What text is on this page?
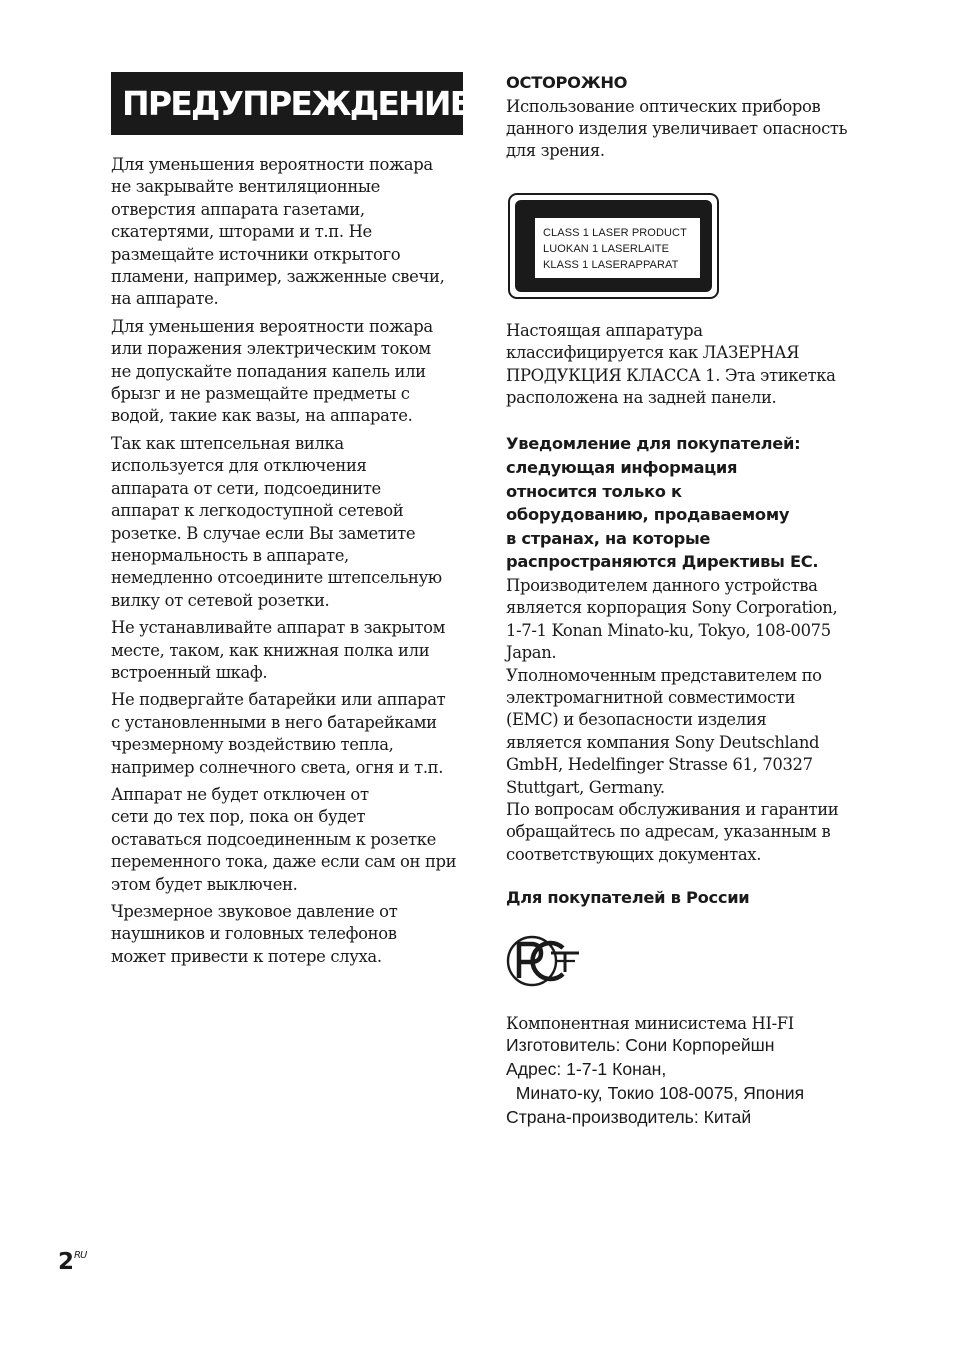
ПРЕДУПРЕЖДЕНИЕ

Для уменьшения вероятности пожара
не закрывайте вентиляционные
отверстия аппарата газетами,
скатертями, шторами и т.п. Не
размещайте источники открытого
пламени, например, зажженные свечи,
на аппарате.

Для уменьшения вероятности пожара
или поражения электрическим током
не допускайте попадания капель или
брызг и не размещайте предметы с
водой, такие как вазы, на аппарате.

Так как штепсельная вилка
используется для отключения
аппарата от сети, подсоедините
аппарат к легкодоступной сетевой
розетке. В случае если Вы заметите
ненормальность в аппарате,
немедленно отсоедините штепсельную
вилку от сетевой розетки.

Не устанавливайте аппарат в закрытом
месте, таком, как книжная полка или
встроенный шкаф.

Не подвергайте батарейки или аппарат
с установленными в него батарейками
чрезмерному воздействию тепла,
например солнечного света, огня и т.п.

Аппарат не будет отключен от
сети до тех пор, пока он будет
оставаться подсоединенным к розетке
переменного тока, даже если сам он при
этом будет выключен.

Чрезмерное звуковое давление от
наушников и головных телефонов
может привести к потере слуха.

ОСТОРОЖНО

Использование оптических приборов
данного изделия увеличивает опасность
для зрения.

CLASS 1 LASER PRODUCT
LUOKAN 1 LASERLAITE
KLASS 1 LASERAPPARAT

Настоящая аппаратура
классифицируется как ЛАЗЕРНАЯ
ПРОДУКЦИЯ КЛАССА 1. Эта этикетка
расположена на задней панели.

Уведомление для покупателей:
следующая информация
относится только к
оборудованию, продаваемому
в странах, на которые
распространяются Директивы ЕС.

Производителем данного устройства
является корпорация Sony Corporation,
1-7-1 Konan Minato-ku, Tokyo, 108-0075
Japan.
Уполномоченным представителем по
электромагнитной совместимости
(EMC) и безопасности изделия
является компания Sony Deutschland
GmbH, Hedelfinger Strasse 61, 70327
Stuttgart, Germany.
По вопросам обслуживания и гарантии
обращайтесь по адресам, указанным в
соответствующих документах.

Для покупателей в России

Компонентная минисистема HI-FI

Изготовитель: Сони Корпорейшн
Адрес: 1-7-1 Конан,
Минато-ку, Токио 108-0075, Япония
Страна-производитель: Китай

$2^{RU}$
